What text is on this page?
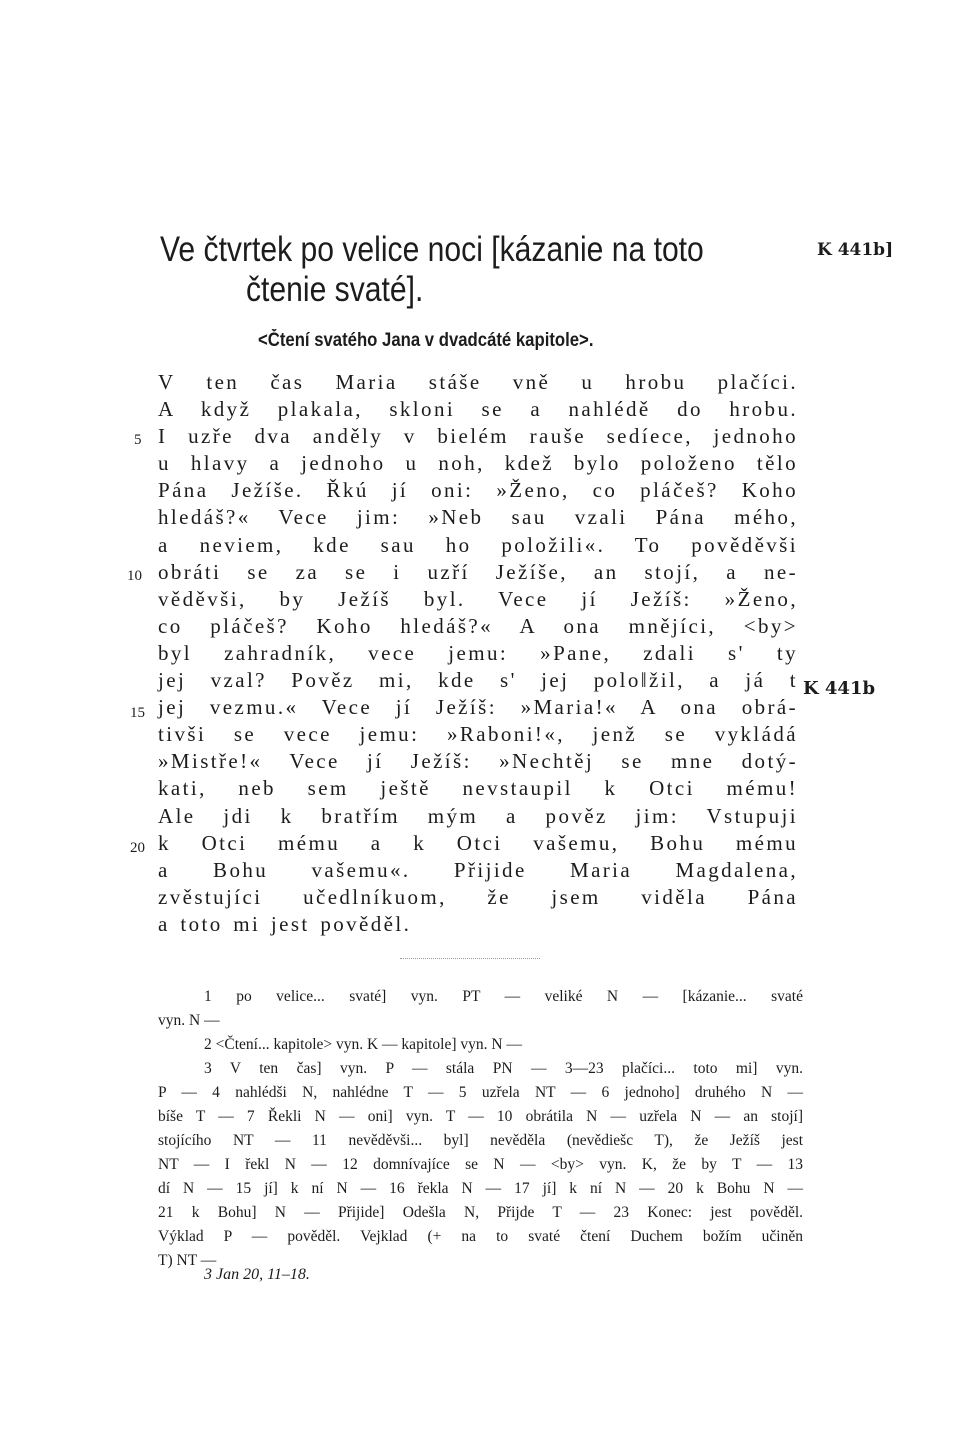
Ve čtvrtek po velice noci [kázanie na toto
čtenie svaté].
K 441b]
K 441b
<Čtení svatého Jana v dvadcáté kapitole>.
5
10
15
20
V ten čas Maria stáše vně u hrobu plačíci.
A když plakala, skloni se a nahlédě do hrobu.
I uzře dva anděly v bielém rauše sedíece, jednoho
u hlavy a jednoho u noh, kdež bylo položeno tělo
Pána Ježíše. Řkú jí oni: »Ženo, co pláčeš? Koho
hledáš?« Vece jim: »Neb sau vzali Pána mého,
a neviem, kde sau ho položili«. To pověděvši
obráti se za se i uzří Ježíše, an stojí, a ne-
věděvši, by Ježíš byl. Vece jí Ježíš: »Ženo,
co pláčeš? Koho hledáš?« A ona mnějíci, <by>
byl zahradník, vece jemu: »Pane, zdali s' ty
jej vzal? Pověz mi, kde s' jej polo‖žil, a já t
jej vezmu.« Vece jí Ježíš: »Maria!« A ona obrá-
tivši se vece jemu: »Raboni!«, jenž se vykládá
»Mistře!« Vece jí Ježíš: »Nechtěj se mne dotý-
kati, neb sem ještě nevstaupil k Otci mému!
Ale jdi k bratřím mým a pověz jim: Vstupuji
k Otci mému a k Otci vašemu, Bohu mému
a Bohu vašemu«. Přijide Maria Magdalena,
zvěstujíci učedlníkuom, že jsem viděla Pána
a toto mi jest pověděl.
1 po velice... svaté] vyn. PT — veliké N — [kázanie... svaté
vyn. N —
2 <Čtení... kapitole> vyn. K — kapitole] vyn. N —
3 V ten čas] vyn. P — stála PN — 3—23 plačíci... toto mi] vyn.
P — 4 nahlédši N, nahlédne T — 5 uzřela NT — 6 jednoho] druhého N —
bíše T — 7 Řekli N — oni] vyn. T — 10 obrátila N — uzřela N — an stojí]
stojícího NT — 11 nevěděvši... byl] nevěděla (nevědiešc T), že Ježíš jest
NT — I řekl N — 12 domnívajíce se N — <by> vyn. K, že by T — 13
dí N — 15 jí] k ní N — 16 řekla N — 17 jí] k ní N — 20 k Bohu N —
21 k Bohu] N — Přijide] Odešla N, Přijde T — 23 Konec: jest pověděl.
Výklad P — pověděl. Vejklad (+ na to svaté čtení Duchem božím učiněn
T) NT —
3 Jan 20, 11–18.
